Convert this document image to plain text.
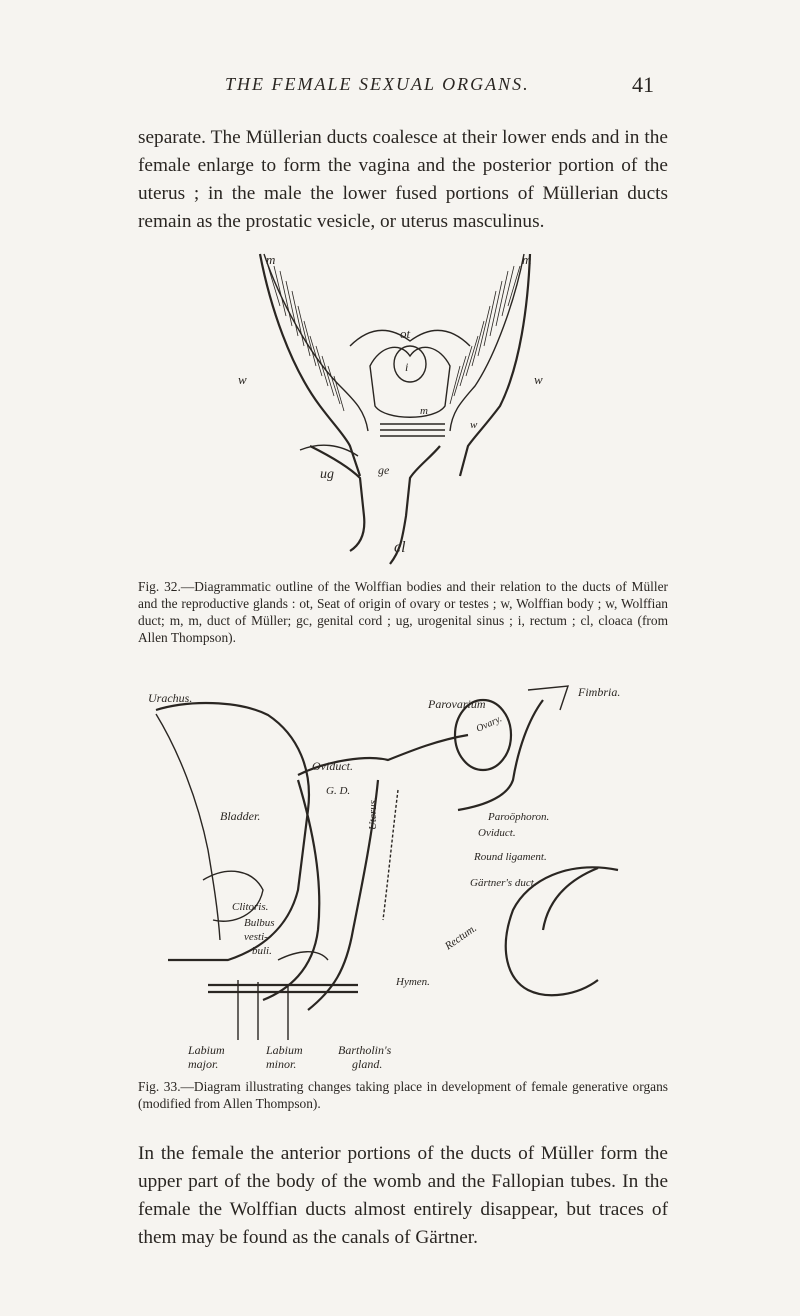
THE FEMALE SEXUAL ORGANS.	41
separate. The Müllerian ducts coalesce at their lower ends and in the female enlarge to form the vagina and the posterior portion of the uterus ; in the male the lower fused portions of Müllerian ducts remain as the prostatic vesicle, or uterus masculinus.
m	m
ot
w	w
i
m
w
ug	ge
cl
Fig. 32.—Diagrammatic outline of the Wolffian bodies and their relation to the ducts of Müller and the reproductive glands : ot, Seat of origin of ovary or testes ; w, Wolffian body ; w, Wolffian duct; m, m, duct of Müller; gc, genital cord ; ug, urogenital sinus ; i, rectum ; cl, cloaca (from Allen Thompson).
Fimbria.
Urachus.	Parovarium
Ovary.
Oviduct.
G. D.
Bladder.	Uterus.	Paroöphoron.
Oviduct.
Round ligament.
Gärtner's duct.
Clitoris.
Bulbus
vesti-
buli.	Rectum.
Hymen.
Labium
major.
Labium
minor.
Bartholin's
gland.
Fig. 33.—Diagram illustrating changes taking place in development of female generative organs (modified from Allen Thompson).
In the female the anterior portions of the ducts of Müller form the upper part of the body of the womb and the Fallopian tubes. In the female the Wolffian ducts almost entirely disappear, but traces of them may be found as the canals of Gärtner.
